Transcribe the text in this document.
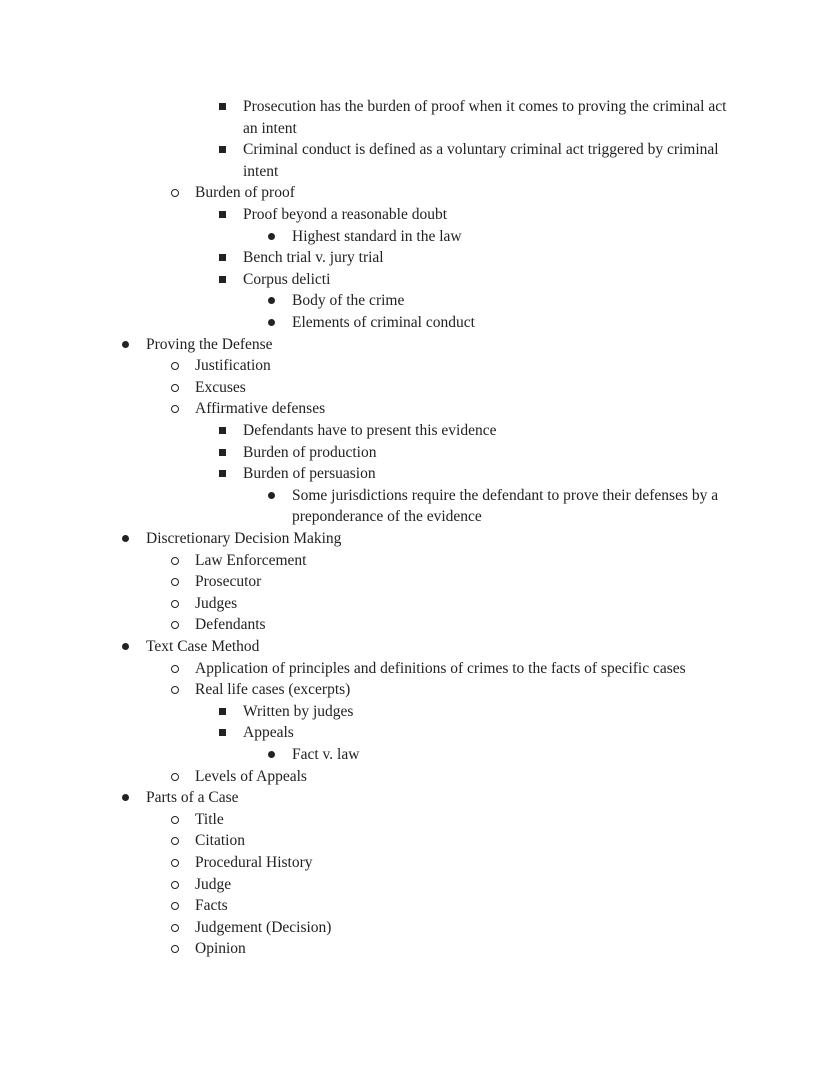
Prosecution has the burden of proof when it comes to proving the criminal act an intent
Criminal conduct is defined as a voluntary criminal act triggered by criminal intent
Burden of proof
Proof beyond a reasonable doubt
Highest standard in the law
Bench trial v. jury trial
Corpus delicti
Body of the crime
Elements of criminal conduct
Proving the Defense
Justification
Excuses
Affirmative defenses
Defendants have to present this evidence
Burden of production
Burden of persuasion
Some jurisdictions require the defendant to prove their defenses by a preponderance of the evidence
Discretionary Decision Making
Law Enforcement
Prosecutor
Judges
Defendants
Text Case Method
Application of principles and definitions of crimes to the facts of specific cases
Real life cases (excerpts)
Written by judges
Appeals
Fact v. law
Levels of Appeals
Parts of a Case
Title
Citation
Procedural History
Judge
Facts
Judgement (Decision)
Opinion
